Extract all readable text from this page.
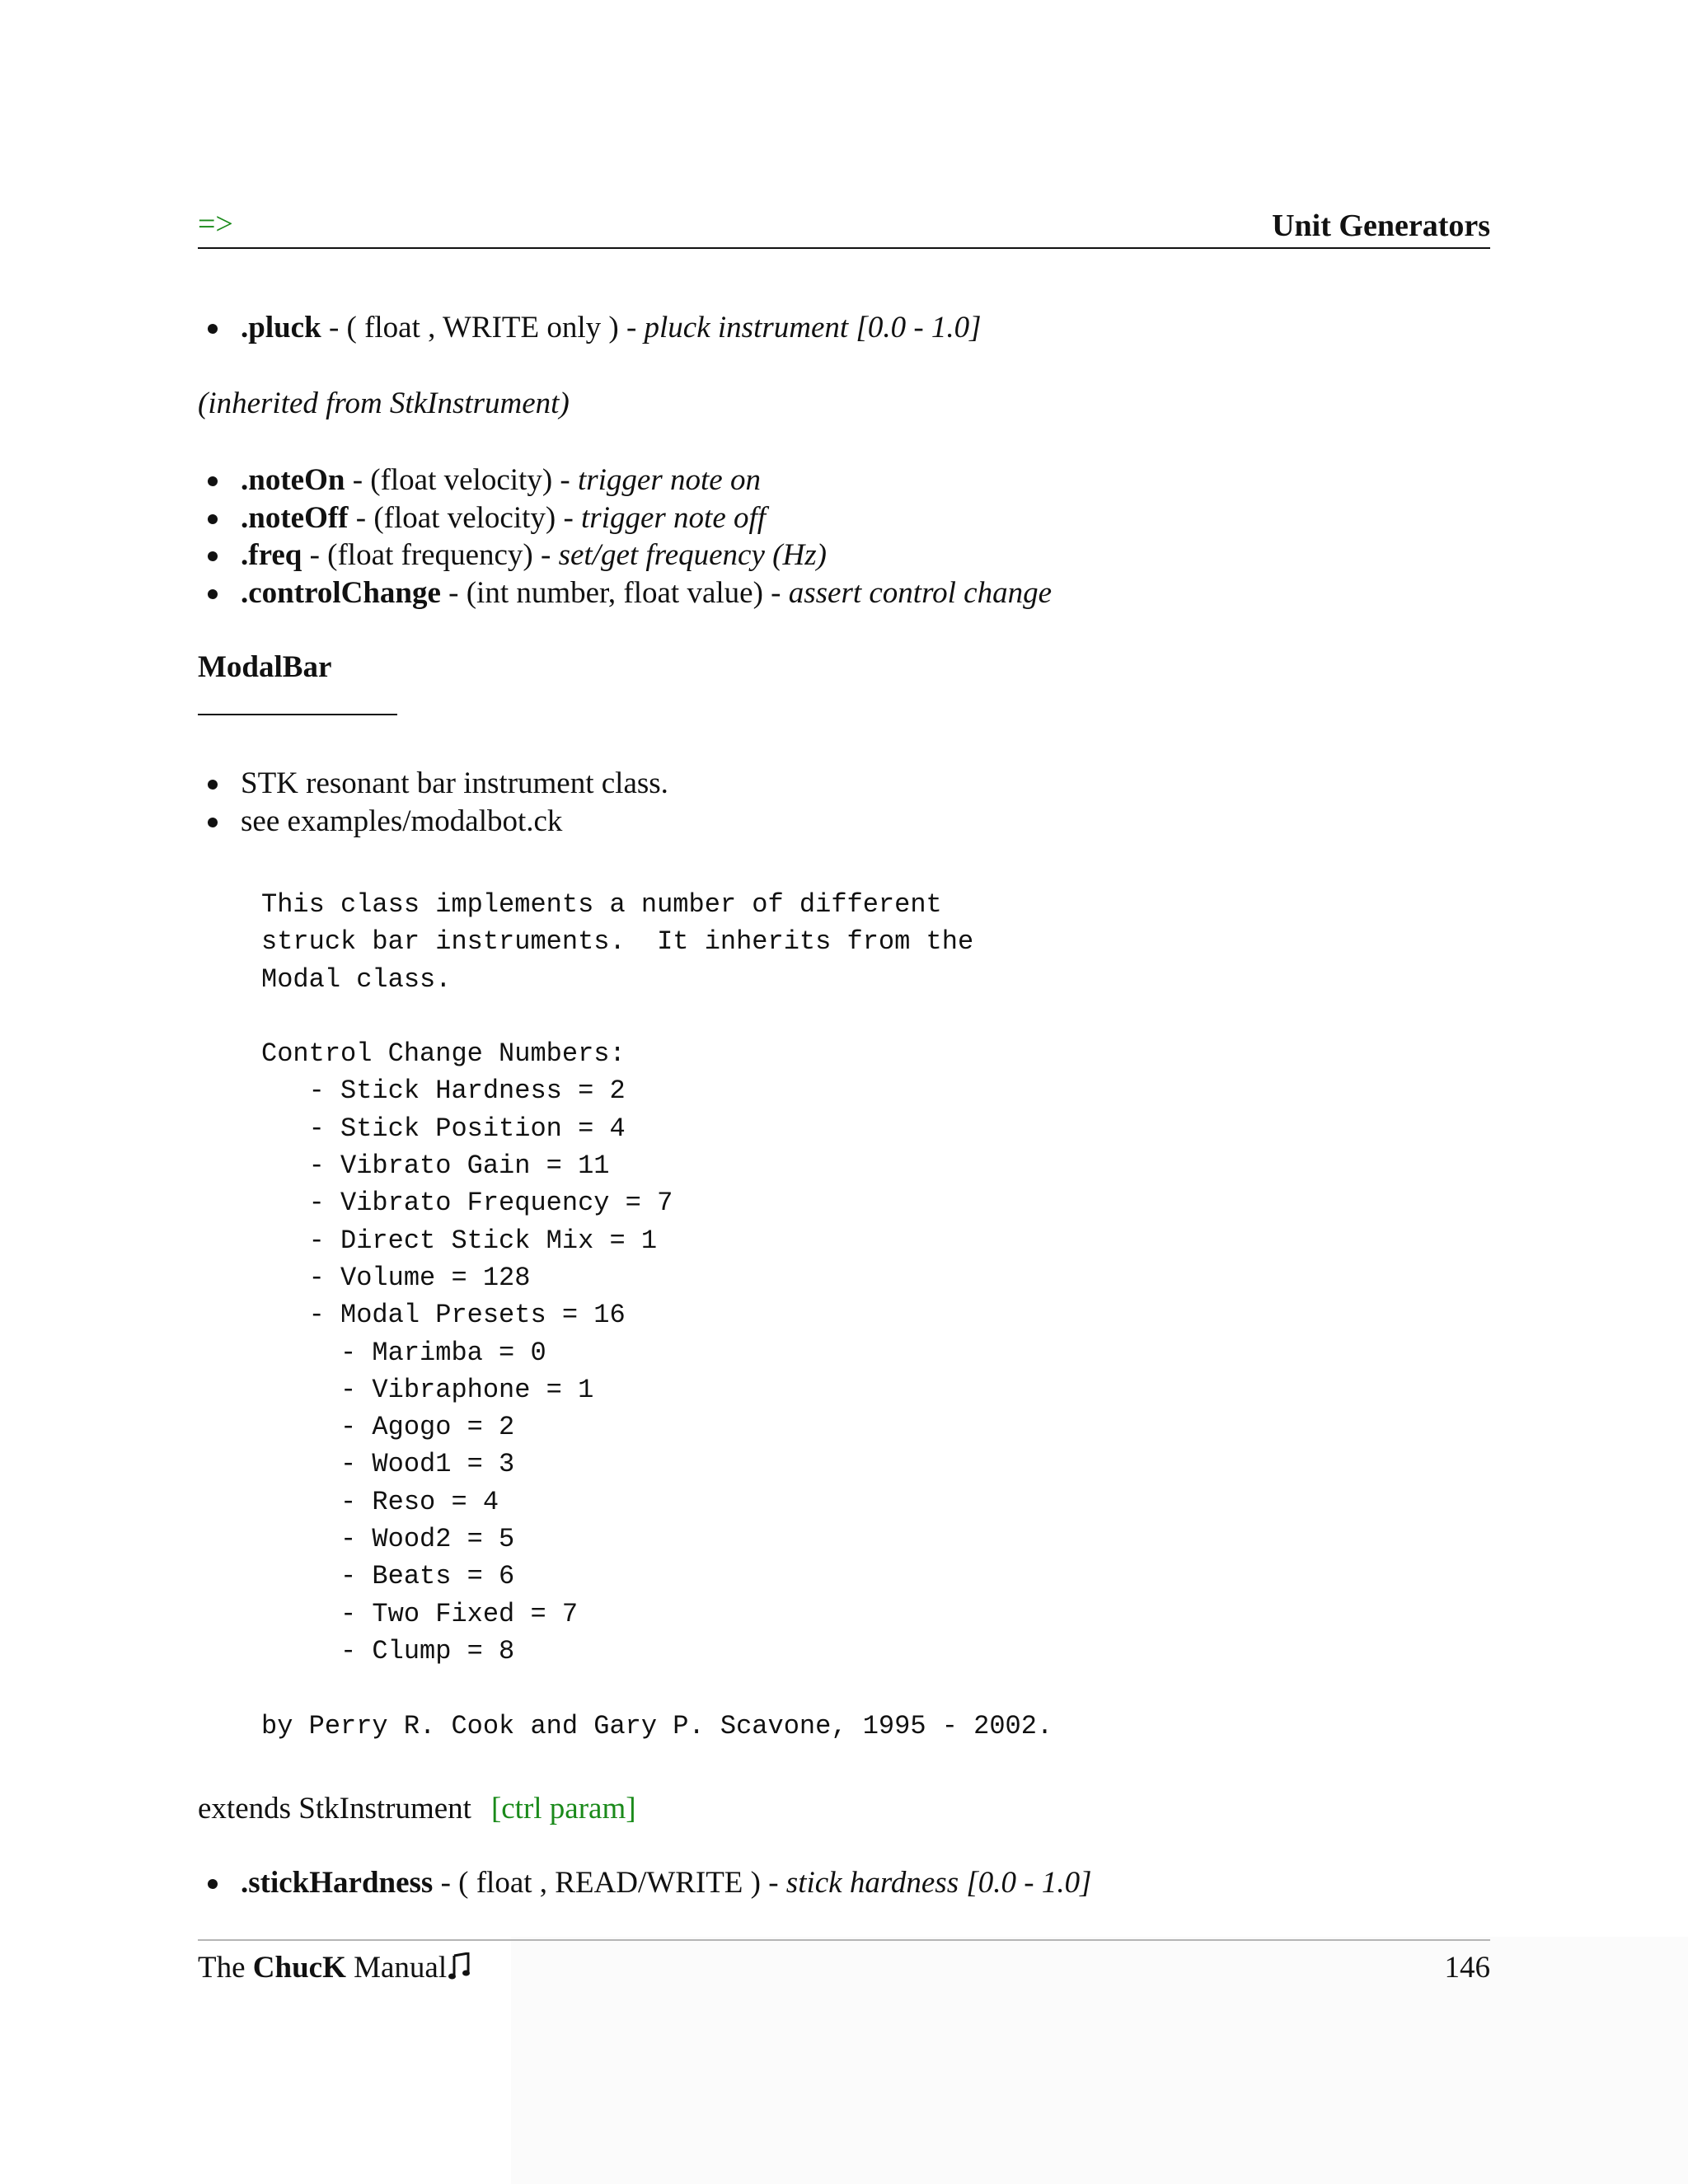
=>	Unit Generators
.pluck - ( float , WRITE only ) - pluck instrument [0.0 - 1.0]
(inherited from StkInstrument)
.noteOn - (float velocity) - trigger note on
.noteOff - (float velocity) - trigger note off
.freq - (float frequency) - set/get frequency (Hz)
.controlChange - (int number, float value) - assert control change
ModalBar
STK resonant bar instrument class.
see examples/modalbot.ck
This class implements a number of different
struck bar instruments.  It inherits from the
Modal class.

Control Change Numbers:
- Stick Hardness = 2
- Stick Position = 4
- Vibrato Gain = 11
- Vibrato Frequency = 7
- Direct Stick Mix = 1
- Volume = 128
- Modal Presets = 16
- Marimba = 0
- Vibraphone = 1
- Agogo = 2
- Wood1 = 3
- Reso = 4
- Wood2 = 5
- Beats = 6
- Two Fixed = 7
- Clump = 8

by Perry R. Cook and Gary P. Scavone, 1995 - 2002.
extends StkInstrument [ctrl param]
.stickHardness - ( float , READ/WRITE ) - stick hardness [0.0 - 1.0]
The ChucK Manual	146
